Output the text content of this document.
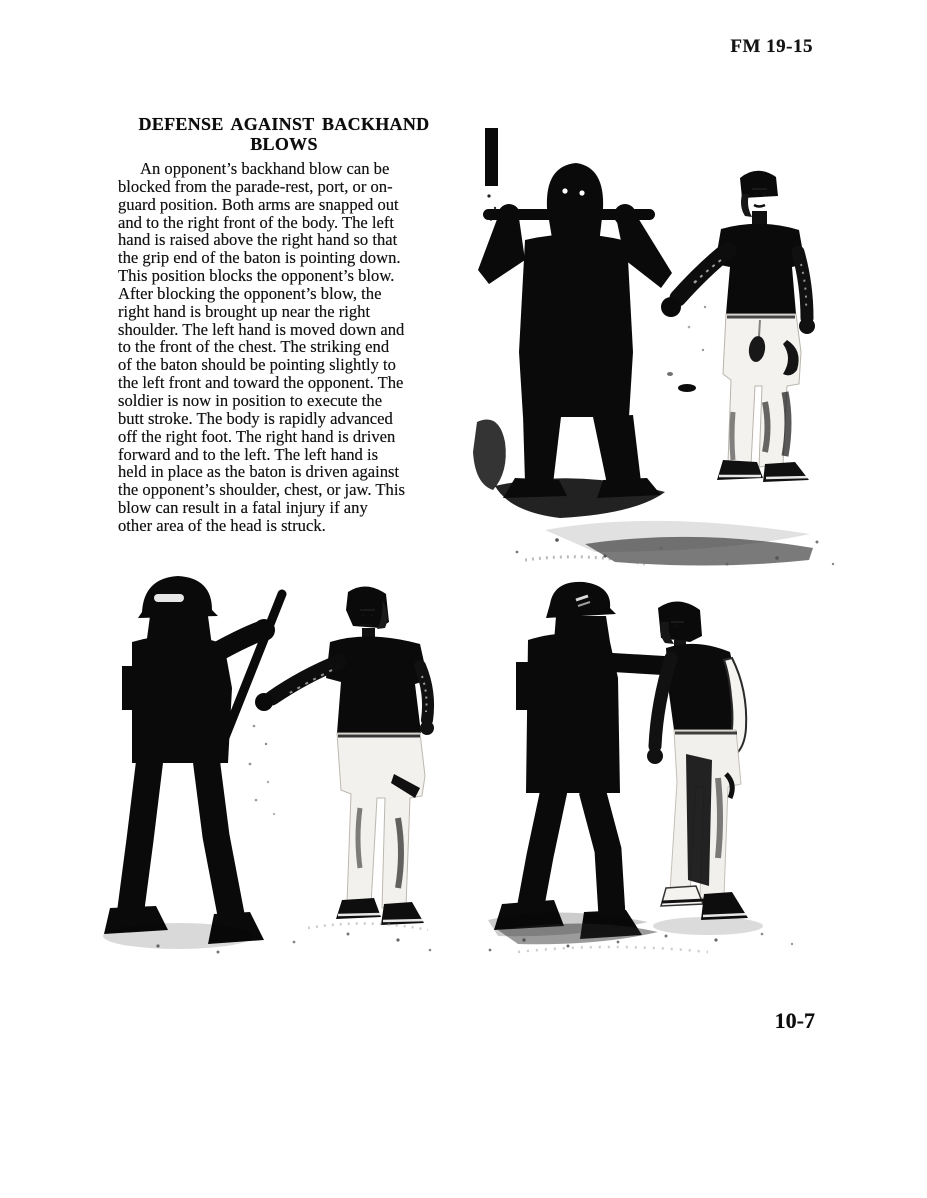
FM 19-15
DEFENSE AGAINST BACKHAND
BLOWS
An opponent’s backhand blow can be
blocked from the parade-rest, port, or on-
guard position. Both arms are snapped out
and to the right front of the body. The left
hand is raised above the right hand so that
the grip end of the baton is pointing down.
This position blocks the opponent’s blow.
After blocking the opponent’s blow, the
right hand is brought up near the right
shoulder. The left hand is moved down and
to the front of the chest. The striking end
of the baton should be pointing slightly to
the left front and toward the opponent. The
soldier is now in position to execute the
butt stroke. The body is rapidly advanced
off the right foot. The right hand is driven
forward and to the left. The left hand is
held in place as the baton is driven against
the opponent’s shoulder, chest, or jaw. This
blow can result in a fatal injury if any
other area of the head is struck.
10-7
